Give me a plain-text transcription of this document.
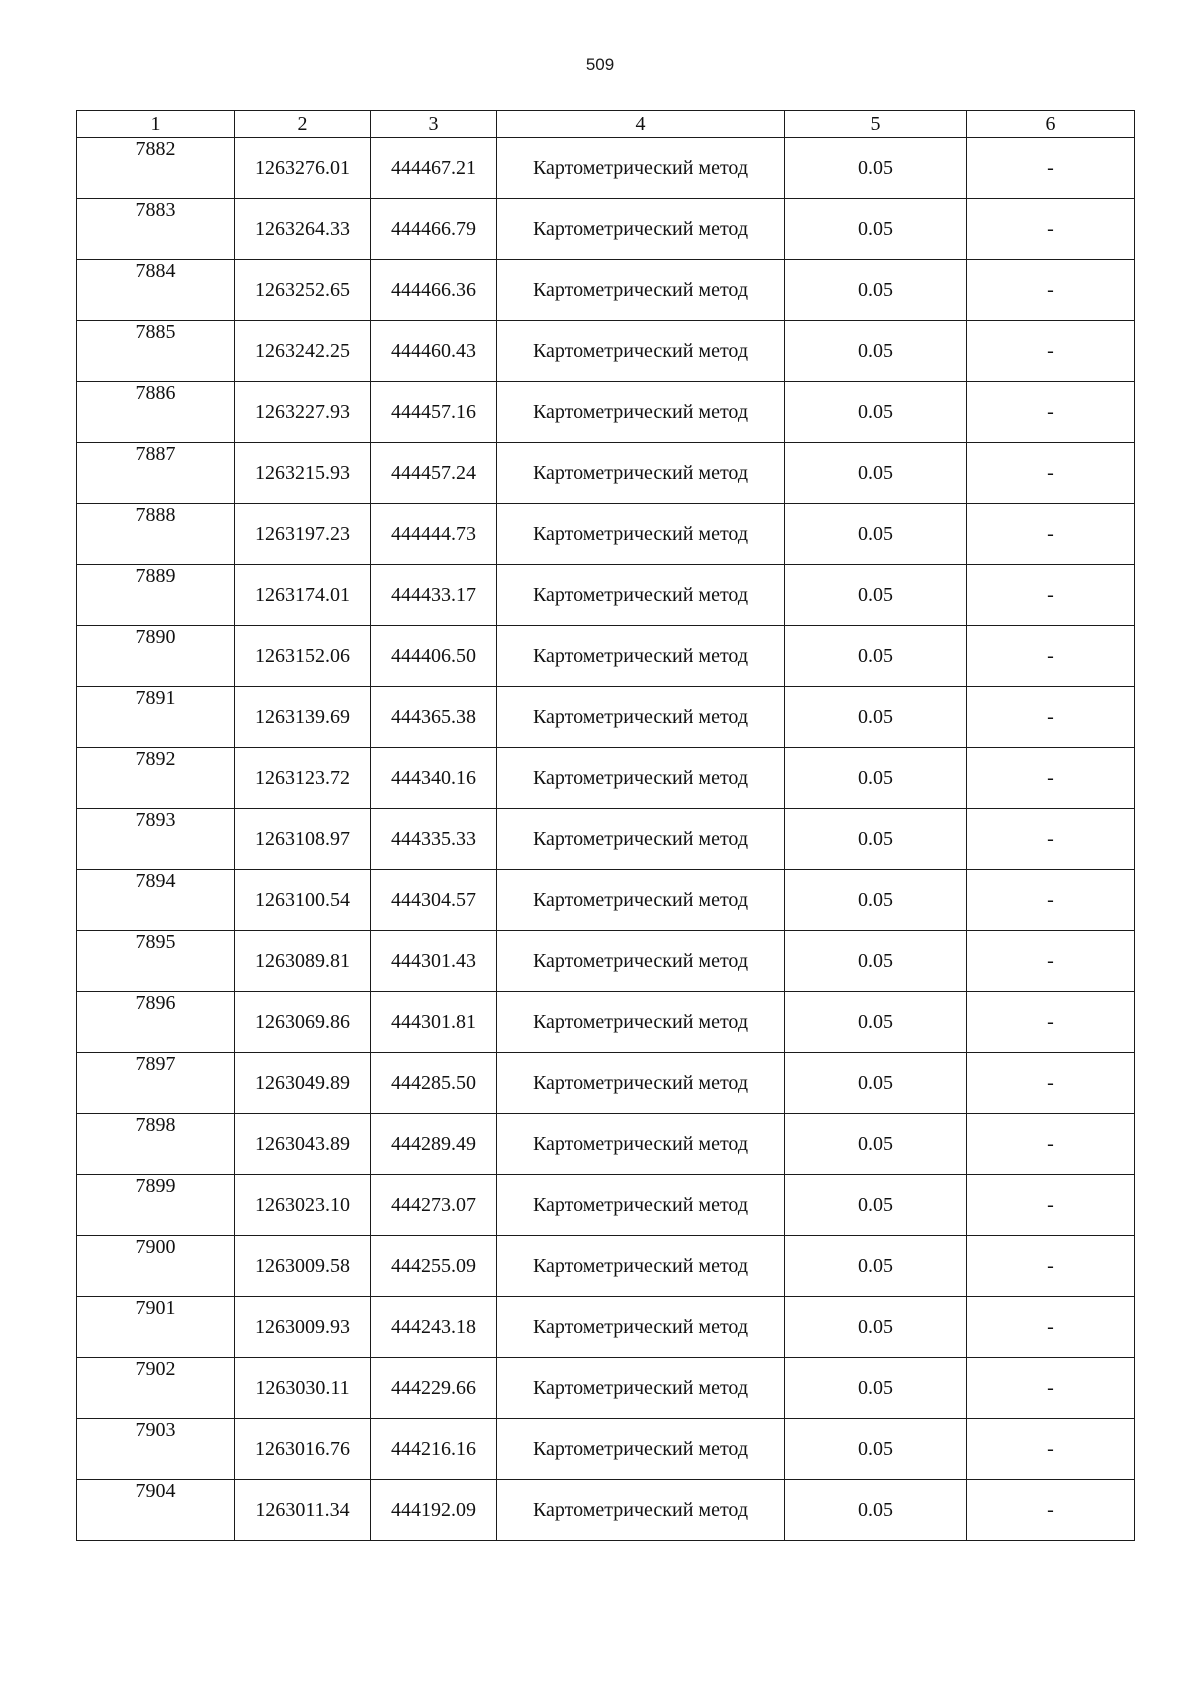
509
1	2	3	4	5	6
7882	1263276.01	444467.21	Картометрический метод	0.05	-
7883	1263264.33	444466.79	Картометрический метод	0.05	-
7884	1263252.65	444466.36	Картометрический метод	0.05	-
7885	1263242.25	444460.43	Картометрический метод	0.05	-
7886	1263227.93	444457.16	Картометрический метод	0.05	-
7887	1263215.93	444457.24	Картометрический метод	0.05	-
7888	1263197.23	444444.73	Картометрический метод	0.05	-
7889	1263174.01	444433.17	Картометрический метод	0.05	-
7890	1263152.06	444406.50	Картометрический метод	0.05	-
7891	1263139.69	444365.38	Картометрический метод	0.05	-
7892	1263123.72	444340.16	Картометрический метод	0.05	-
7893	1263108.97	444335.33	Картометрический метод	0.05	-
7894	1263100.54	444304.57	Картометрический метод	0.05	-
7895	1263089.81	444301.43	Картометрический метод	0.05	-
7896	1263069.86	444301.81	Картометрический метод	0.05	-
7897	1263049.89	444285.50	Картометрический метод	0.05	-
7898	1263043.89	444289.49	Картометрический метод	0.05	-
7899	1263023.10	444273.07	Картометрический метод	0.05	-
7900	1263009.58	444255.09	Картометрический метод	0.05	-
7901	1263009.93	444243.18	Картометрический метод	0.05	-
7902	1263030.11	444229.66	Картометрический метод	0.05	-
7903	1263016.76	444216.16	Картометрический метод	0.05	-
7904	1263011.34	444192.09	Картометрический метод	0.05	-
